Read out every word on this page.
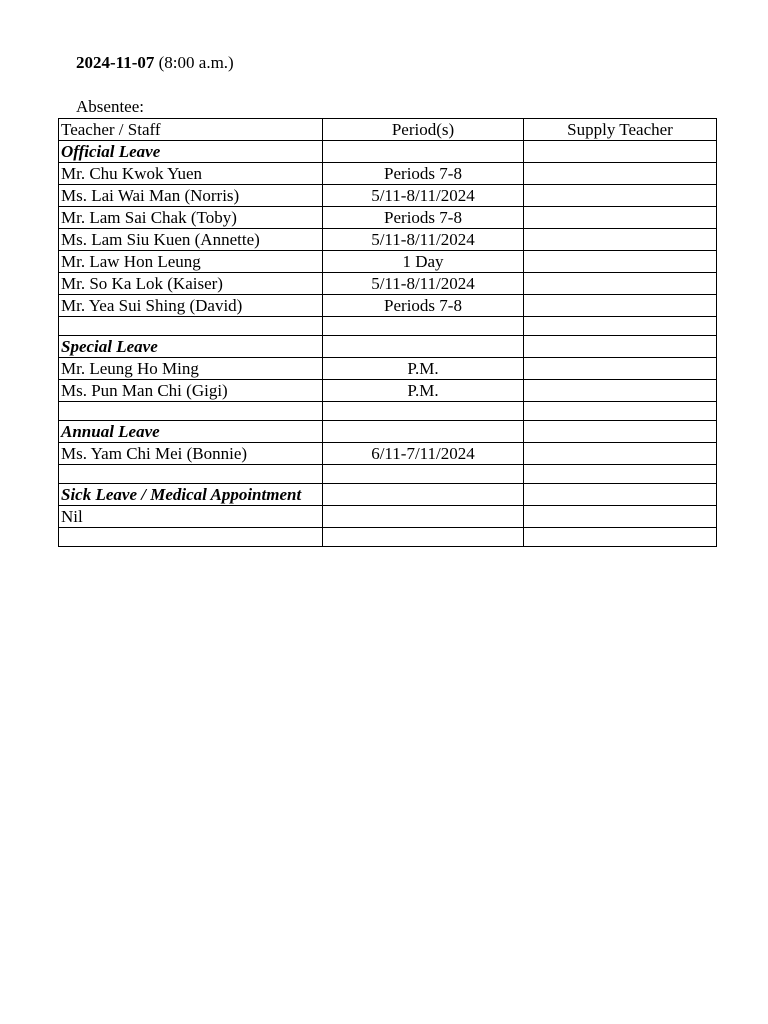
2024-11-07 (8:00 a.m.)
Absentee:
Teacher / Staff	Period(s)	Supply Teacher
Official Leave		
Mr. Chu Kwok Yuen	Periods 7-8	
Ms. Lai Wai Man (Norris)	5/11-8/11/2024	
Mr. Lam Sai Chak (Toby)	Periods 7-8	
Ms. Lam Siu Kuen (Annette)	5/11-8/11/2024	
Mr. Law Hon Leung	1 Day	
Mr. So Ka Lok (Kaiser)	5/11-8/11/2024	
Mr. Yea Sui Shing (David)	Periods 7-8	

Special Leave		
Mr. Leung Ho Ming	P.M.	
Ms. Pun Man Chi (Gigi)	P.M.	

Annual Leave		
Ms. Yam Chi Mei (Bonnie)	6/11-7/11/2024	

Sick Leave / Medical Appointment		
Nil		
